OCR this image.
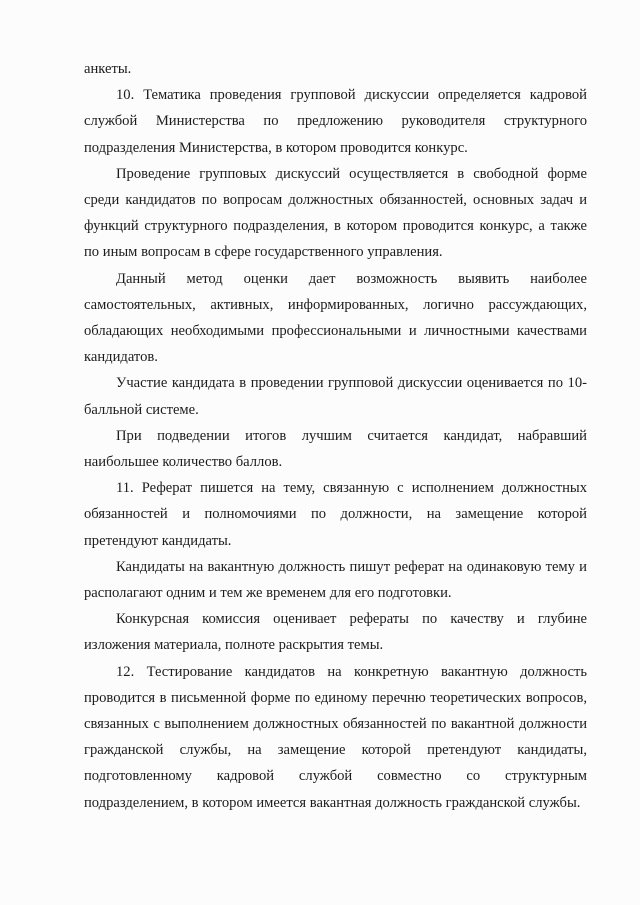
анкеты.

10. Тематика проведения групповой дискуссии определяется кадровой службой Министерства по предложению руководителя структурного подразделения Министерства, в котором проводится конкурс.

Проведение групповых дискуссий осуществляется в свободной форме среди кандидатов по вопросам должностных обязанностей, основных задач и функций структурного подразделения, в котором проводится конкурс, а также по иным вопросам в сфере государственного управления.

Данный метод оценки дает возможность выявить наиболее самостоятельных, активных, информированных, логично рассуждающих, обладающих необходимыми профессиональными и личностными качествами кандидатов.

Участие кандидата в проведении групповой дискуссии оценивается по 10-балльной системе.

При подведении итогов лучшим считается кандидат, набравший наибольшее количество баллов.

11. Реферат пишется на тему, связанную с исполнением должностных обязанностей и полномочиями по должности, на замещение которой претендуют кандидаты.

Кандидаты на вакантную должность пишут реферат на одинаковую тему и располагают одним и тем же временем для его подготовки.

Конкурсная комиссия оценивает рефераты по качеству и глубине изложения материала, полноте раскрытия темы.

12. Тестирование кандидатов на конкретную вакантную должность проводится в письменной форме по единому перечню теоретических вопросов, связанных с выполнением должностных обязанностей по вакантной должности гражданской службы, на замещение которой претендуют кандидаты, подготовленному кадровой службой совместно со структурным подразделением, в котором имеется вакантная должность гражданской службы.
